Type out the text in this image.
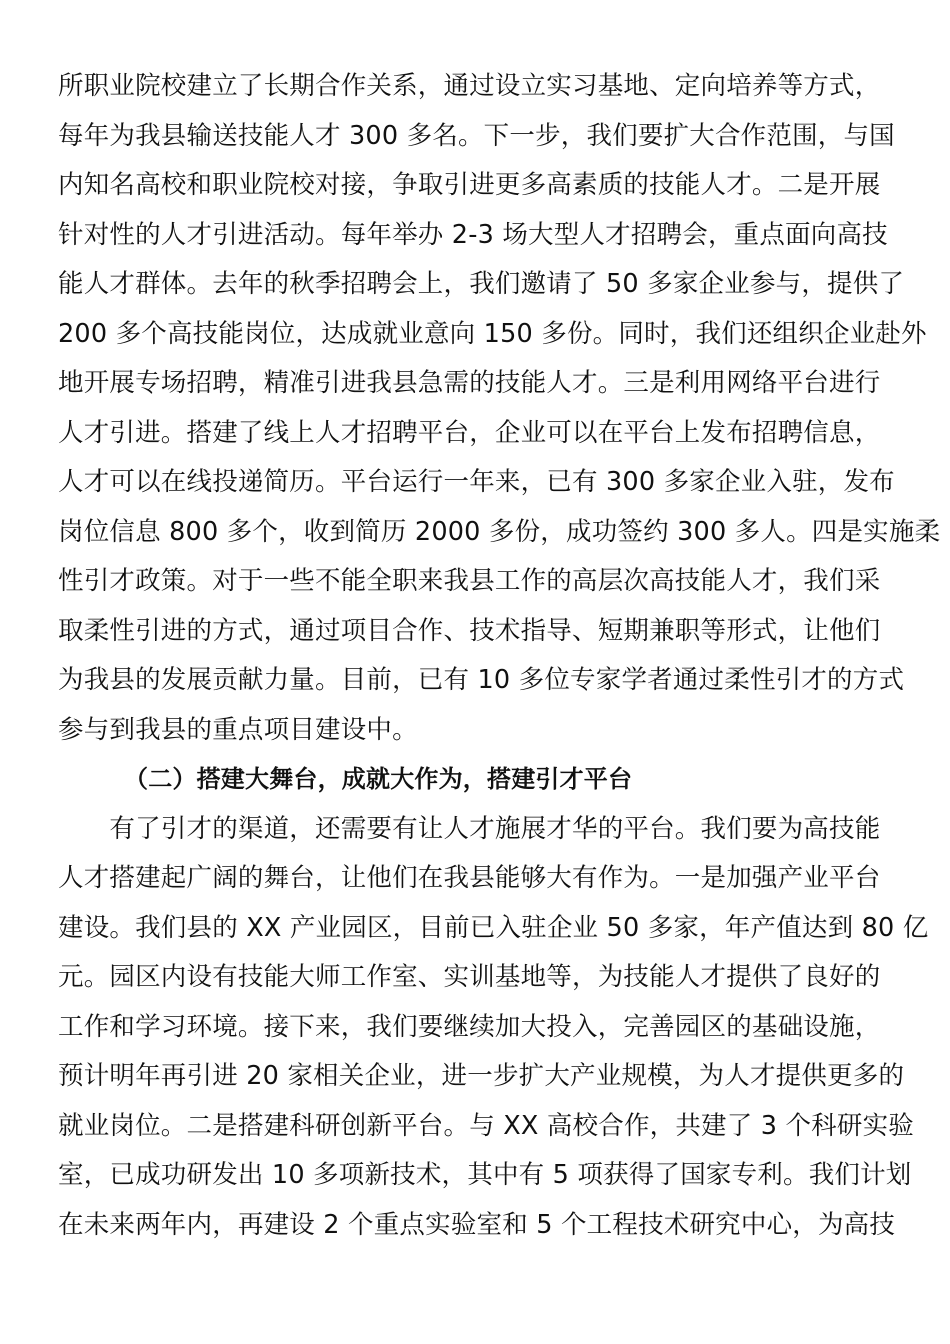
所职业院校建立了长期合作关系，通过设立实习基地、定向培养等方式，
每年为我县输送技能人才 300 多名。下一步，我们要扩大合作范围，与国
内知名高校和职业院校对接，争取引进更多高素质的技能人才。二是开展
针对性的人才引进活动。每年举办 2-3 场大型人才招聘会，重点面向高技
能人才群体。去年的秋季招聘会上，我们邀请了 50 多家企业参与，提供了
200 多个高技能岗位，达成就业意向 150 多份。同时，我们还组织企业赴外
地开展专场招聘，精准引进我县急需的技能人才。三是利用网络平台进行
人才引进。搭建了线上人才招聘平台，企业可以在平台上发布招聘信息，
人才可以在线投递简历。平台运行一年来，已有 300 多家企业入驻，发布
岗位信息 800 多个，收到简历 2000 多份，成功签约 300 多人。四是实施柔
性引才政策。对于一些不能全职来我县工作的高层次高技能人才，我们采
取柔性引进的方式，通过项目合作、技术指导、短期兼职等形式，让他们
为我县的发展贡献力量。目前，已有 10 多位专家学者通过柔性引才的方式
参与到我县的重点项目建设中。
（二）搭建大舞台，成就大作为，搭建引才平台
　　有了引才的渠道，还需要有让人才施展才华的平台。我们要为高技能
人才搭建起广阔的舞台，让他们在我县能够大有作为。一是加强产业平台
建设。我们县的 XX 产业园区，目前已入驻企业 50 多家，年产值达到 80 亿
元。园区内设有技能大师工作室、实训基地等，为技能人才提供了良好的
工作和学习环境。接下来，我们要继续加大投入，完善园区的基础设施，
预计明年再引进 20 家相关企业，进一步扩大产业规模，为人才提供更多的
就业岗位。二是搭建科研创新平台。与 XX 高校合作，共建了 3 个科研实验
室，已成功研发出 10 多项新技术，其中有 5 项获得了国家专利。我们计划
在未来两年内，再建设 2 个重点实验室和 5 个工程技术研究中心，为高技
